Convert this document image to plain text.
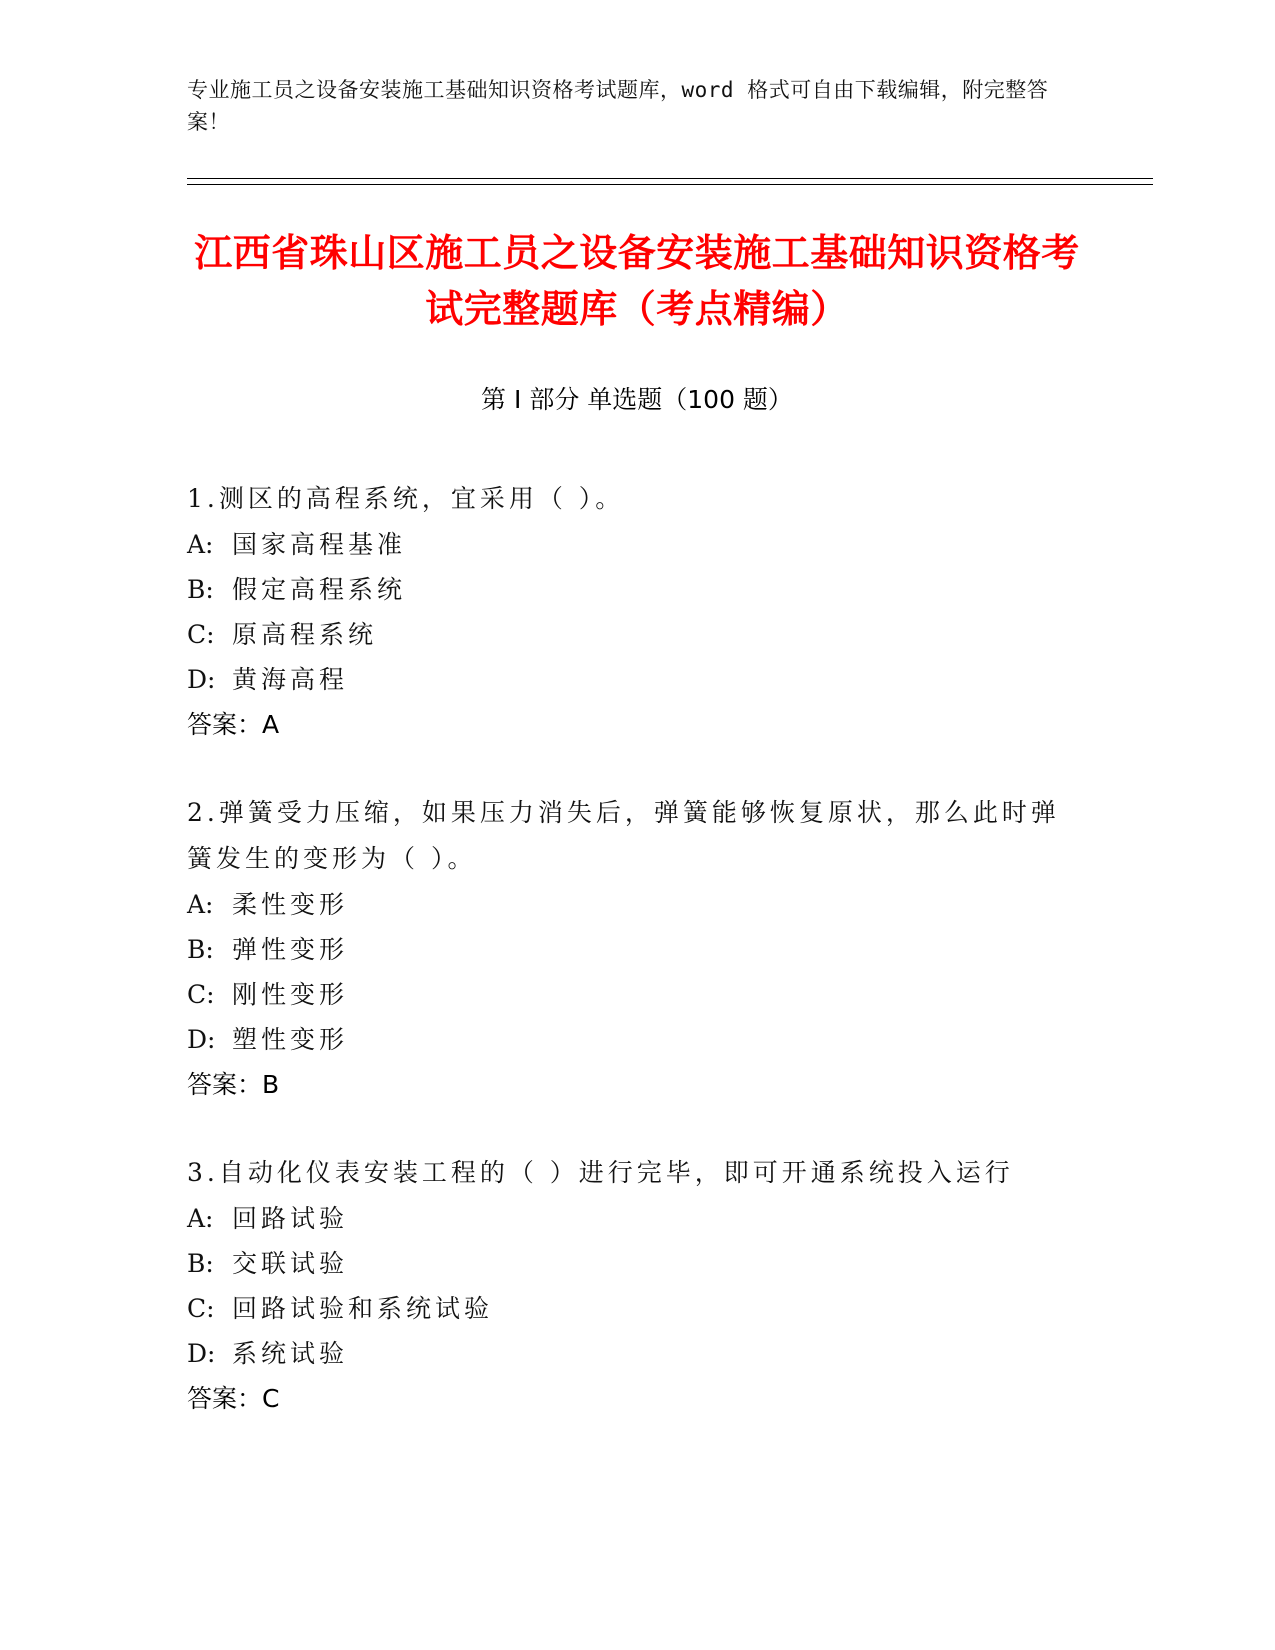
专业施工员之设备安装施工基础知识资格考试题库，word 格式可自由下载编辑，附完整答案！
江西省珠山区施工员之设备安装施工基础知识资格考试完整题库（考点精编）
第 I 部分 单选题（100 题）
1.测区的高程系统，宜采用（ ）。
A: 国家高程基准
B: 假定高程系统
C: 原高程系统
D: 黄海高程
答案：A
2.弹簧受力压缩，如果压力消失后，弹簧能够恢复原状，那么此时弹簧发生的变形为（ ）。
A: 柔性变形
B: 弹性变形
C: 刚性变形
D: 塑性变形
答案：B
3.自动化仪表安装工程的（ ）进行完毕，即可开通系统投入运行
A: 回路试验
B: 交联试验
C: 回路试验和系统试验
D: 系统试验
答案：C
